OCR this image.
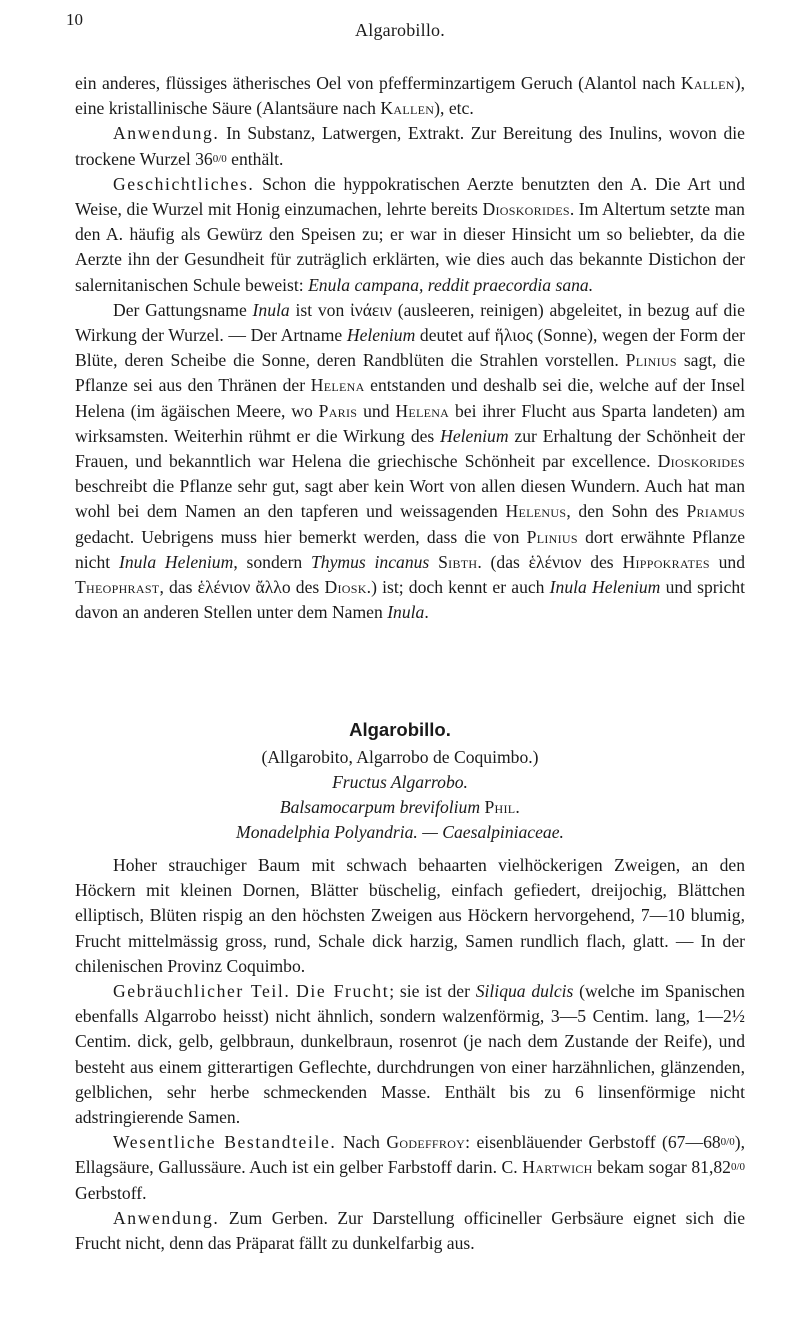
10
Algarobillo.

ein anderes, flüssiges ätherisches Oel von pfefferminzartigem Geruch (Alantol nach Kallen), eine kristallinische Säure (Alantsäure nach Kallen), etc.

Anwendung. In Substanz, Latwergen, Extrakt. Zur Bereitung des Inulins, wovon die trockene Wurzel 360/0 enthält.

Geschichtliches. Schon die hyppokratischen Aerzte benutzten den A. Die Art und Weise, die Wurzel mit Honig einzumachen, lehrte bereits Dioskorides. Im Altertum setzte man den A. häufig als Gewürz den Speisen zu; er war in dieser Hinsicht um so beliebter, da die Aerzte ihn der Gesundheit für zuträglich erklärten, wie dies auch das bekannte Distichon der salernitanischen Schule beweist: Enula campana, reddit praecordia sana.

Der Gattungsname Inula ist von ἰνάειν (ausleeren, reinigen) abgeleitet, in bezug auf die Wirkung der Wurzel. — Der Artname Helenium deutet auf ἥλιος (Sonne), wegen der Form der Blüte, deren Scheibe die Sonne, deren Randblüten die Strahlen vorstellen. Plinius sagt, die Pflanze sei aus den Thränen der Helena entstanden und deshalb sei die, welche auf der Insel Helena (im ägäischen Meere, wo Paris und Helena bei ihrer Flucht aus Sparta landeten) am wirksamsten. Weiterhin rühmt er die Wirkung des Helenium zur Erhaltung der Schönheit der Frauen, und bekanntlich war Helena die griechische Schönheit par excellence. Dioskorides beschreibt die Pflanze sehr gut, sagt aber kein Wort von allen diesen Wundern. Auch hat man wohl bei dem Namen an den tapferen und weissagenden Helenus, den Sohn des Priamus gedacht. Uebrigens muss hier bemerkt werden, dass die von Plinius dort erwähnte Pflanze nicht Inula Helenium, sondern Thymus incanus Sibth. (das ἑλένιον des Hippokrates und Theophrast, das ἑλένιον ἄλλο des Diosk.) ist; doch kennt er auch Inula Helenium und spricht davon an anderen Stellen unter dem Namen Inula.

Algarobillo.
(Allgarobito, Algarrobo de Coquimbo.)
Fructus Algarrobo.
Balsamocarpum brevifolium Phil.
Monadelphia Polyandria. — Caesalpiniaceae.

Hoher strauchiger Baum mit schwach behaarten vielhöckerigen Zweigen, an den Höckern mit kleinen Dornen, Blätter büschelig, einfach gefiedert, dreijochig, Blättchen elliptisch, Blüten rispig an den höchsten Zweigen aus Höckern hervorgehend, 7—10 blumig, Frucht mittelmässig gross, rund, Schale dick harzig, Samen rundlich flach, glatt. — In der chilenischen Provinz Coquimbo.

Gebräuchlicher Teil. Die Frucht; sie ist der Siliqua dulcis (welche im Spanischen ebenfalls Algarrobo heisst) nicht ähnlich, sondern walzenförmig, 3—5 Centim. lang, 1—2½ Centim. dick, gelb, gelbbraun, dunkelbraun, rosenrot (je nach dem Zustande der Reife), und besteht aus einem gitterartigen Geflechte, durchdrungen von einer harzähnlichen, glänzenden, gelblichen, sehr herbe schmeckenden Masse. Enthält bis zu 6 linsenförmige nicht adstringierende Samen.

Wesentliche Bestandteile. Nach Godeffroy: eisenbläuender Gerbstoff (67—680/0), Ellagsäure, Gallussäure. Auch ist ein gelber Farbstoff darin. C. Hartwich bekam sogar 81,820/0 Gerbstoff.

Anwendung. Zum Gerben. Zur Darstellung officineller Gerbsäure eignet sich die Frucht nicht, denn das Präparat fällt zu dunkelfarbig aus.
